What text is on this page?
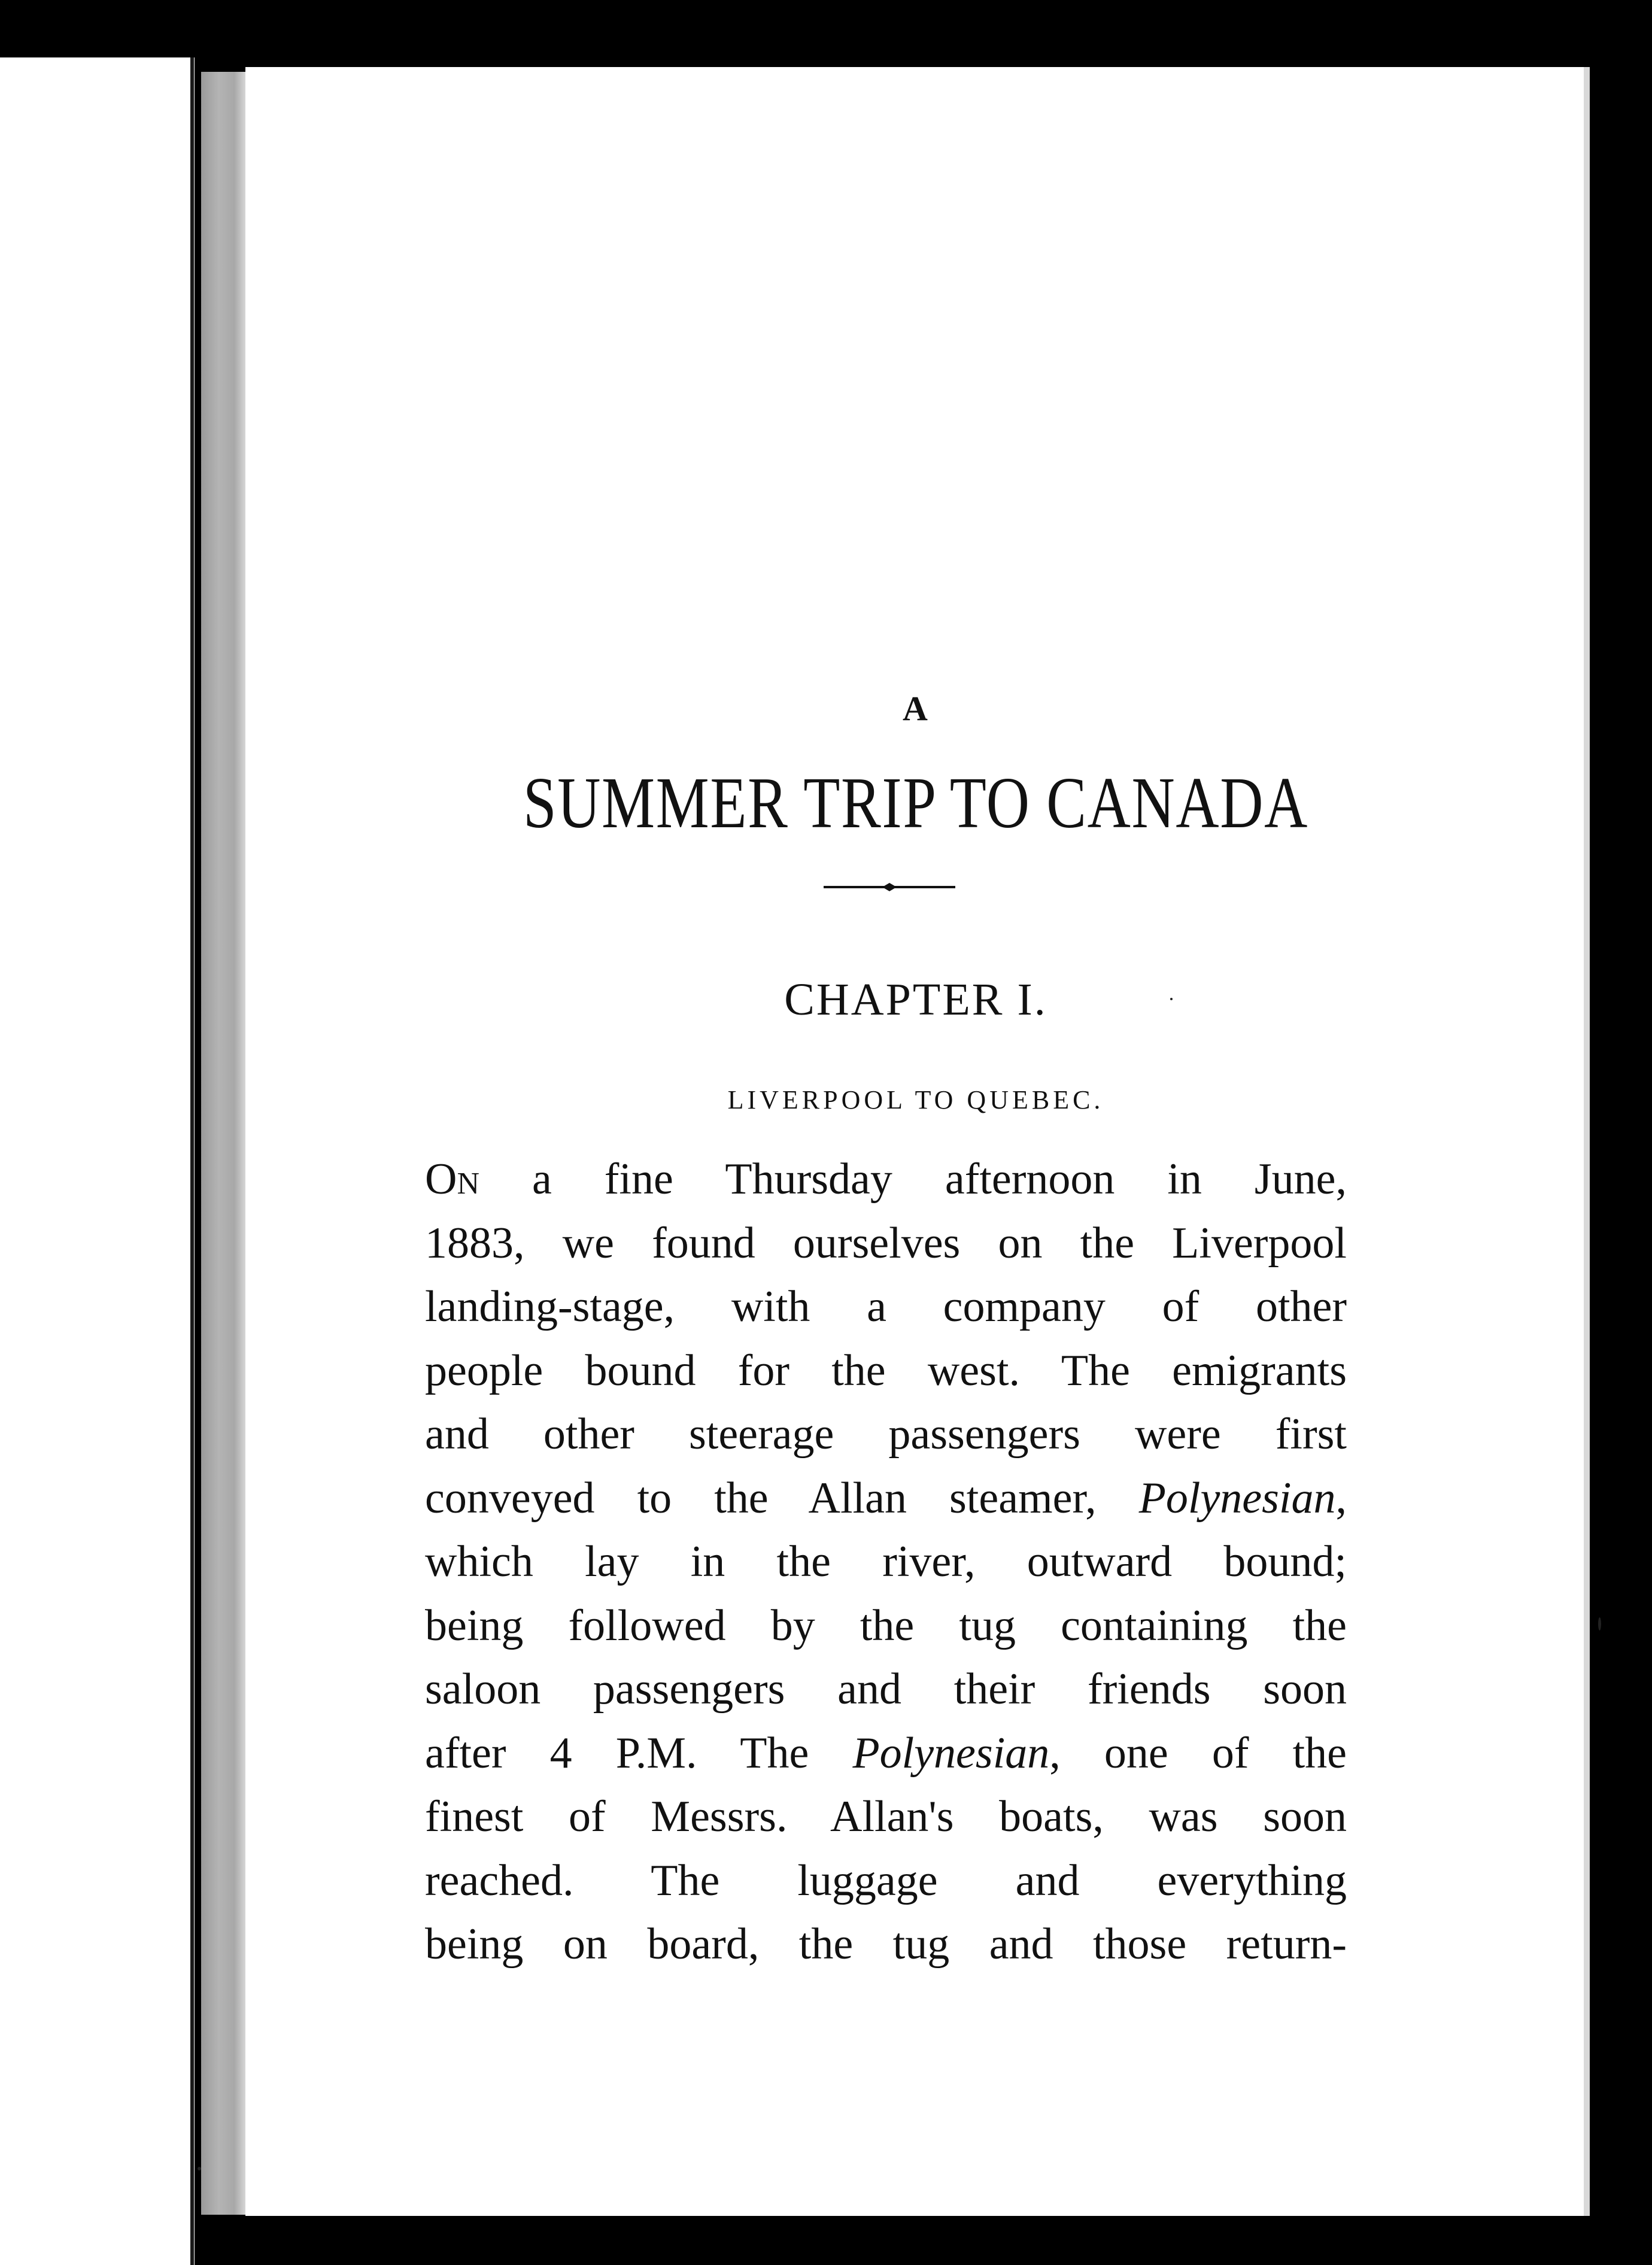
A
SUMMER TRIP TO CANADA
CHAPTER I.
LIVERPOOL TO QUEBEC.
On a fine Thursday afternoon in June,
1883, we found ourselves on the Liverpool
landing-stage, with a company of other
people bound for the west. The emigrants
and other steerage passengers were first
conveyed to the Allan steamer, Polynesian,
which lay in the river, outward bound;
being followed by the tug containing the
saloon passengers and their friends soon
after 4 P.M. The Polynesian, one of the
finest of Messrs. Allan's boats, was soon
reached. The luggage and everything
being on board, the tug and those return-
